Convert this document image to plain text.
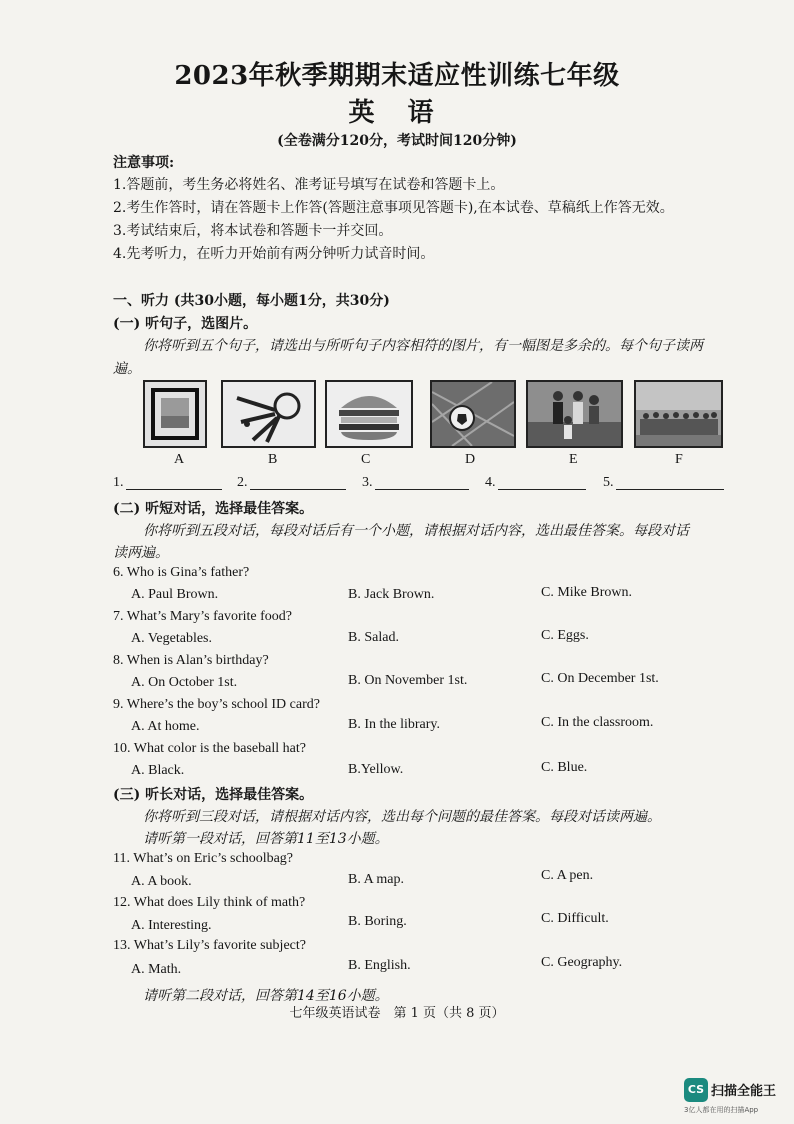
2023年秋季期期末适应性训练七年级
英 语
(全卷满分120分，考试时间120分钟)
注意事项:
1.答题前，考生务必将姓名、准考证号填写在试卷和答题卡上。
2.考生作答时，请在答题卡上作答(答题注意事项见答题卡),在本试卷、草稿纸上作答无效。
3.考试结束后，将本试卷和答题卡一并交回。
4.先考听力，在听力开始前有两分钟听力试音时间。
一、听力 (共30小题，每小题1分，共30分)
(一) 听句子，选图片。
你将听到五个句子，请选出与所听句子内容相符的图片，有一幅图是多余的。每个句子读两
遍。
A	B	C	D	E	F
1.	2.	3.	4.	5.
(二) 听短对话，选择最佳答案。
你将听到五段对话，每段对话后有一个小题，请根据对话内容，选出最佳答案。每段对话
读两遍。
6. Who is Gina’s father?
A. Paul Brown.	B. Jack Brown.	C. Mike Brown.
7. What’s Mary’s favorite food?
A. Vegetables.	B. Salad.	C. Eggs.
8. When is Alan’s birthday?
A. On October 1st.	B. On November 1st.	C. On December 1st.
9. Where’s the boy’s school ID card?
A. At home.	B. In the library.	C. In the classroom.
10. What color is the baseball hat?
A. Black.	B.Yellow.	C. Blue.
(三) 听长对话，选择最佳答案。
你将听到三段对话，请根据对话内容，选出每个问题的最佳答案。每段对话读两遍。
请听第一段对话，回答第11至13小题。
11. What’s on Eric’s schoolbag?
A. A book.	B. A map.	C. A pen.
12. What does Lily think of math?
A. Interesting.	B. Boring.	C. Difficult.
13. What’s Lily’s favorite subject?
A. Math.	B. English.	C. Geography.
请听第二段对话，回答第14至16小题。
七年级英语试卷　第 1 页（共 8 页）
CS 扫描全能王
3亿人都在用的扫描App
